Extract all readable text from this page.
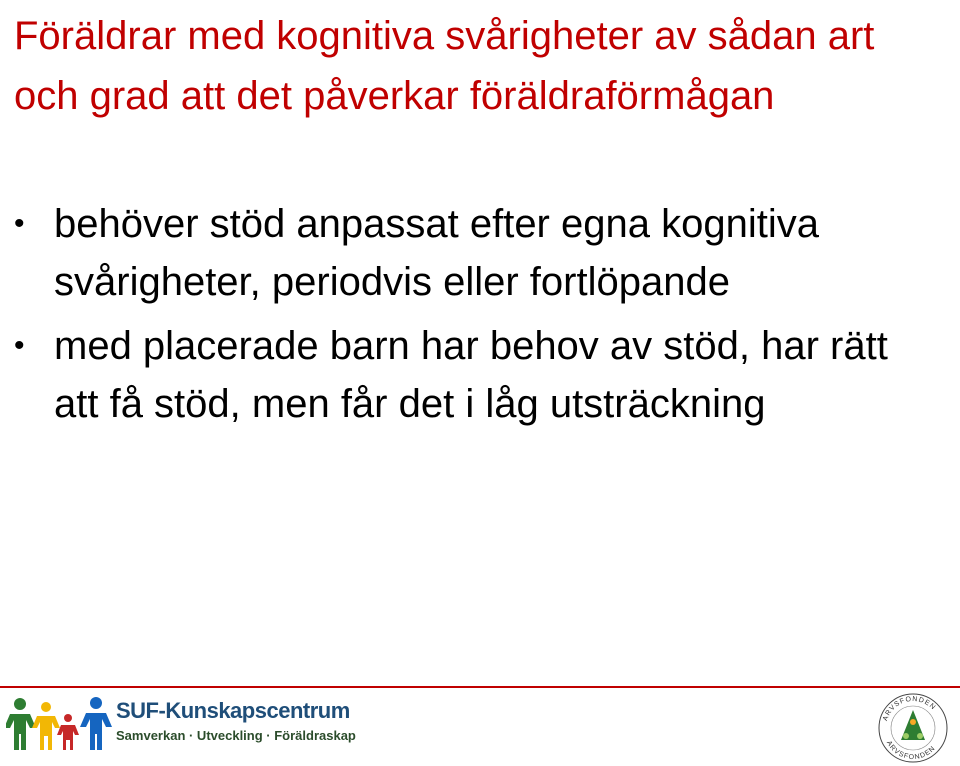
Föräldrar med kognitiva svårigheter av sådan art och grad att det påverkar föräldraförmågan
• behöver stöd anpassat efter egna kognitiva svårigheter, periodvis eller fortlöpande
• med placerade barn har behov av stöd, har rätt att få stöd, men får det i låg utsträckning
SUF-Kunskapscentrum
Samverkan · Utveckling · Föräldraskap
ARVSFONDEN
ARVSFONDEN
